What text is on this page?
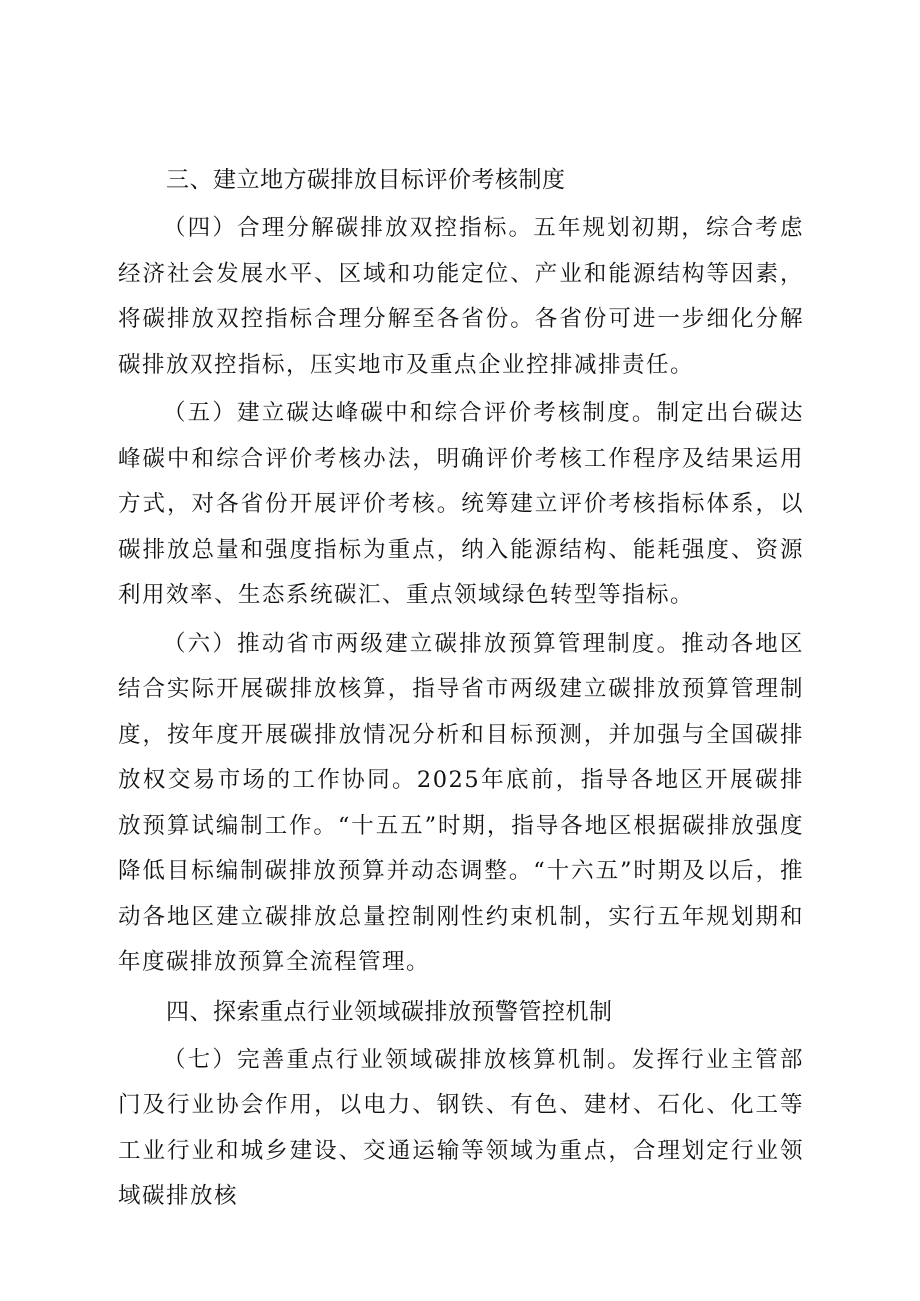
三、建立地方碳排放目标评价考核制度

（四）合理分解碳排放双控指标。五年规划初期，综合考虑经济社会发展水平、区域和功能定位、产业和能源结构等因素，将碳排放双控指标合理分解至各省份。各省份可进一步细化分解碳排放双控指标，压实地市及重点企业控排减排责任。

（五）建立碳达峰碳中和综合评价考核制度。制定出台碳达峰碳中和综合评价考核办法，明确评价考核工作程序及结果运用方式，对各省份开展评价考核。统筹建立评价考核指标体系，以碳排放总量和强度指标为重点，纳入能源结构、能耗强度、资源利用效率、生态系统碳汇、重点领域绿色转型等指标。

（六）推动省市两级建立碳排放预算管理制度。推动各地区结合实际开展碳排放核算，指导省市两级建立碳排放预算管理制度，按年度开展碳排放情况分析和目标预测，并加强与全国碳排放权交易市场的工作协同。2025年底前，指导各地区开展碳排放预算试编制工作。“十五五”时期，指导各地区根据碳排放强度降低目标编制碳排放预算并动态调整。“十六五”时期及以后，推动各地区建立碳排放总量控制刚性约束机制，实行五年规划期和年度碳排放预算全流程管理。

四、探索重点行业领域碳排放预警管控机制

（七）完善重点行业领域碳排放核算机制。发挥行业主管部门及行业协会作用，以电力、钢铁、有色、建材、石化、化工等工业行业和城乡建设、交通运输等领域为重点，合理划定行业领域碳排放核
